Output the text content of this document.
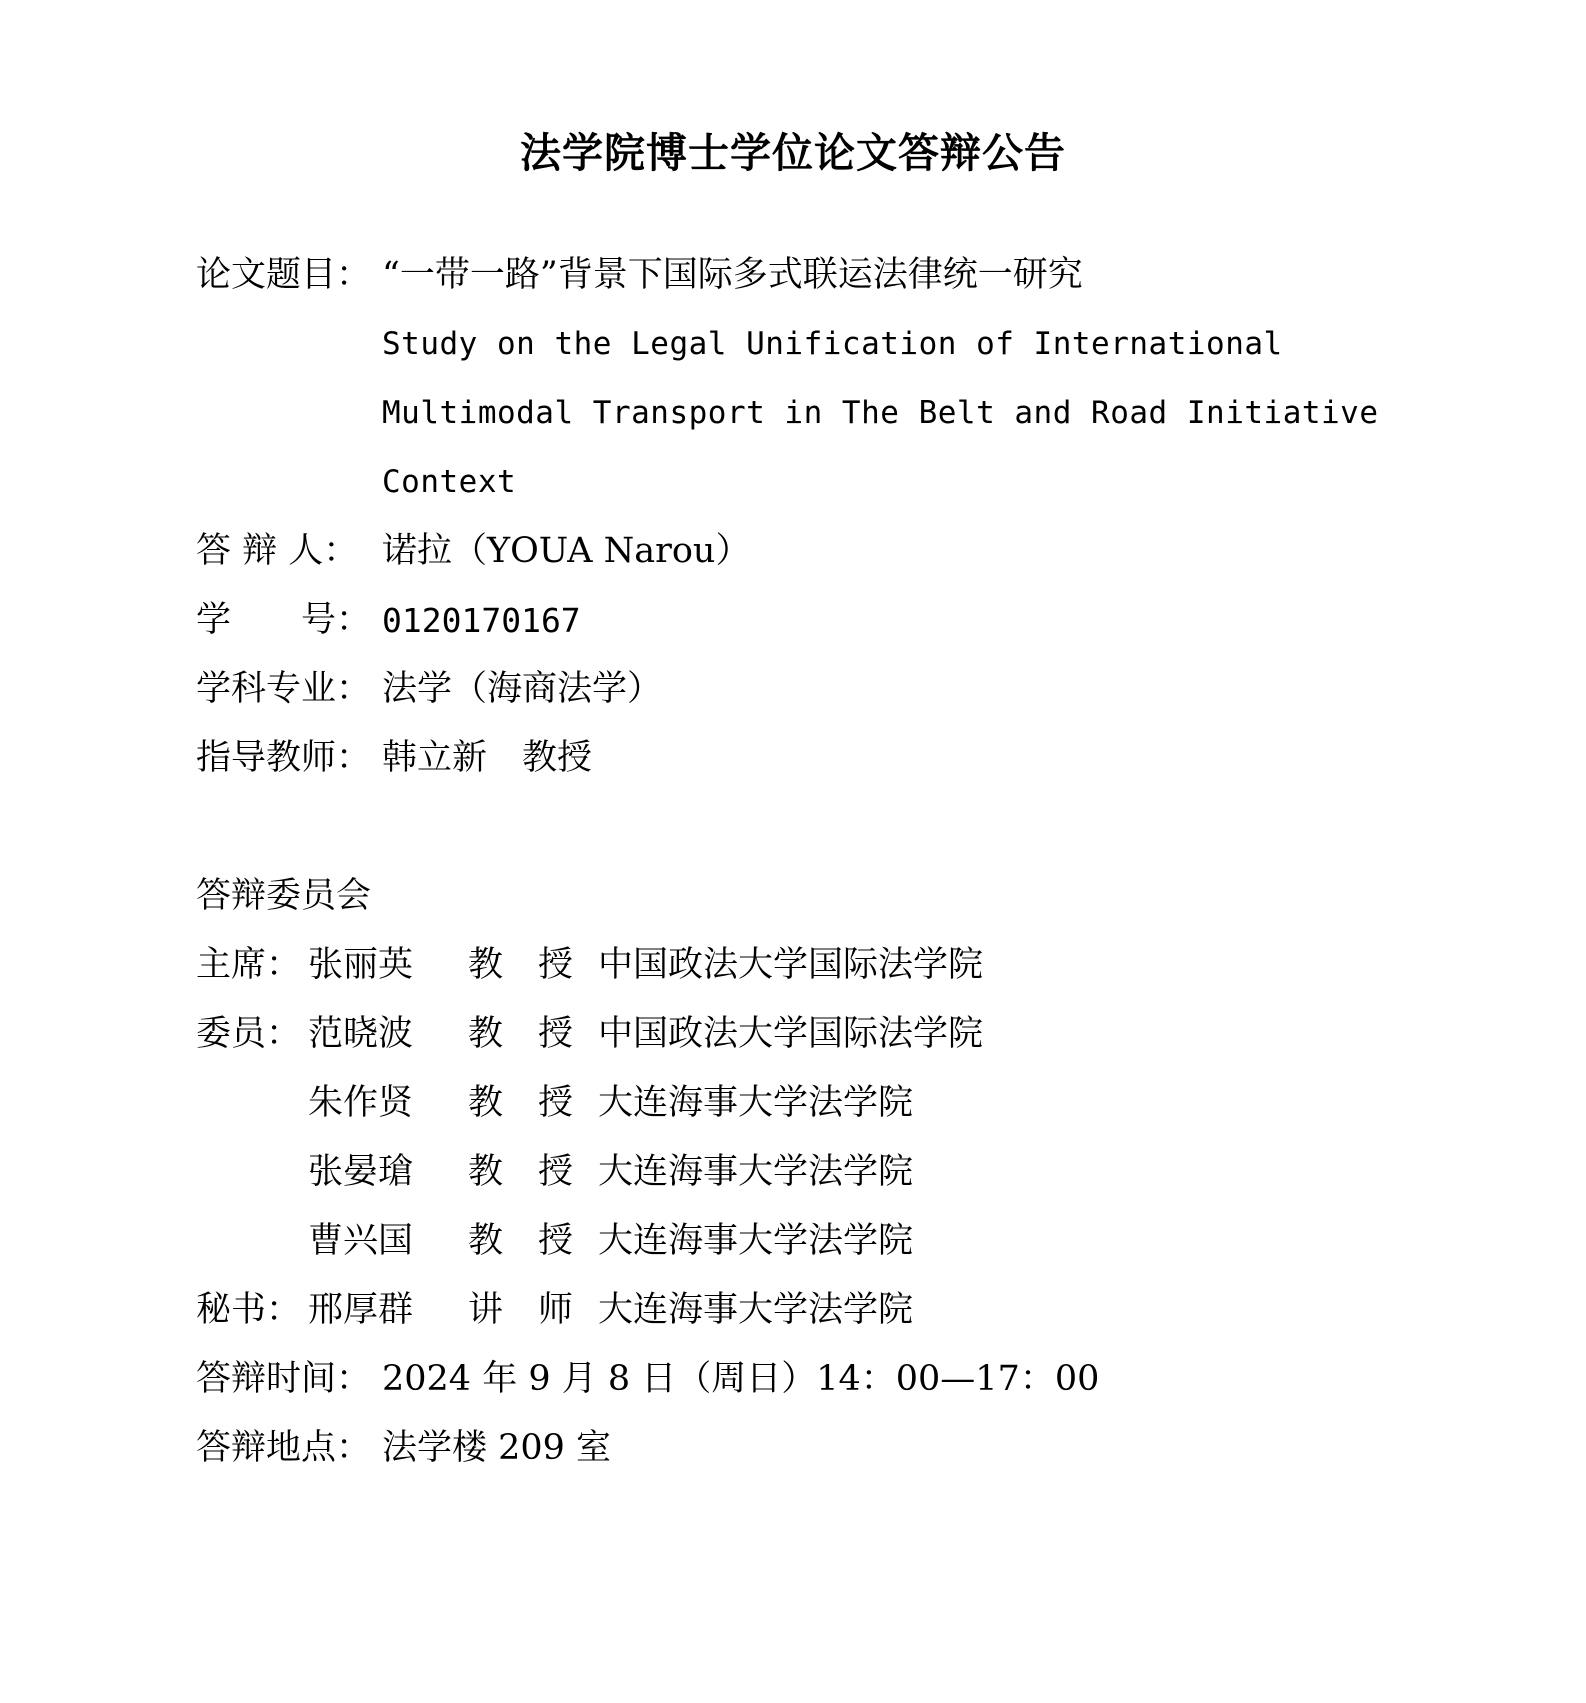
法学院博士学位论文答辩公告
论文题目： “一带一路”背景下国际多式联运法律统一研究
Study on the Legal Unification of International
Multimodal Transport in The Belt and Road Initiative
Context
答 辩 人： 诺拉（YOUA Narou）
学　　号： 0120170167
学科专业： 法学（海商法学）
指导教师： 韩立新　教授
答辩委员会
主席： 张丽英 教　授 中国政法大学国际法学院
委员： 范晓波 教　授 中国政法大学国际法学院
朱作贤 教　授 大连海事大学法学院
张晏瑲 教　授 大连海事大学法学院
曹兴国 教　授 大连海事大学法学院
秘书： 邢厚群 讲　师 大连海事大学法学院
答辩时间： 2024 年 9 月 8 日（周日）14：00—17：00
答辩地点： 法学楼 209 室
